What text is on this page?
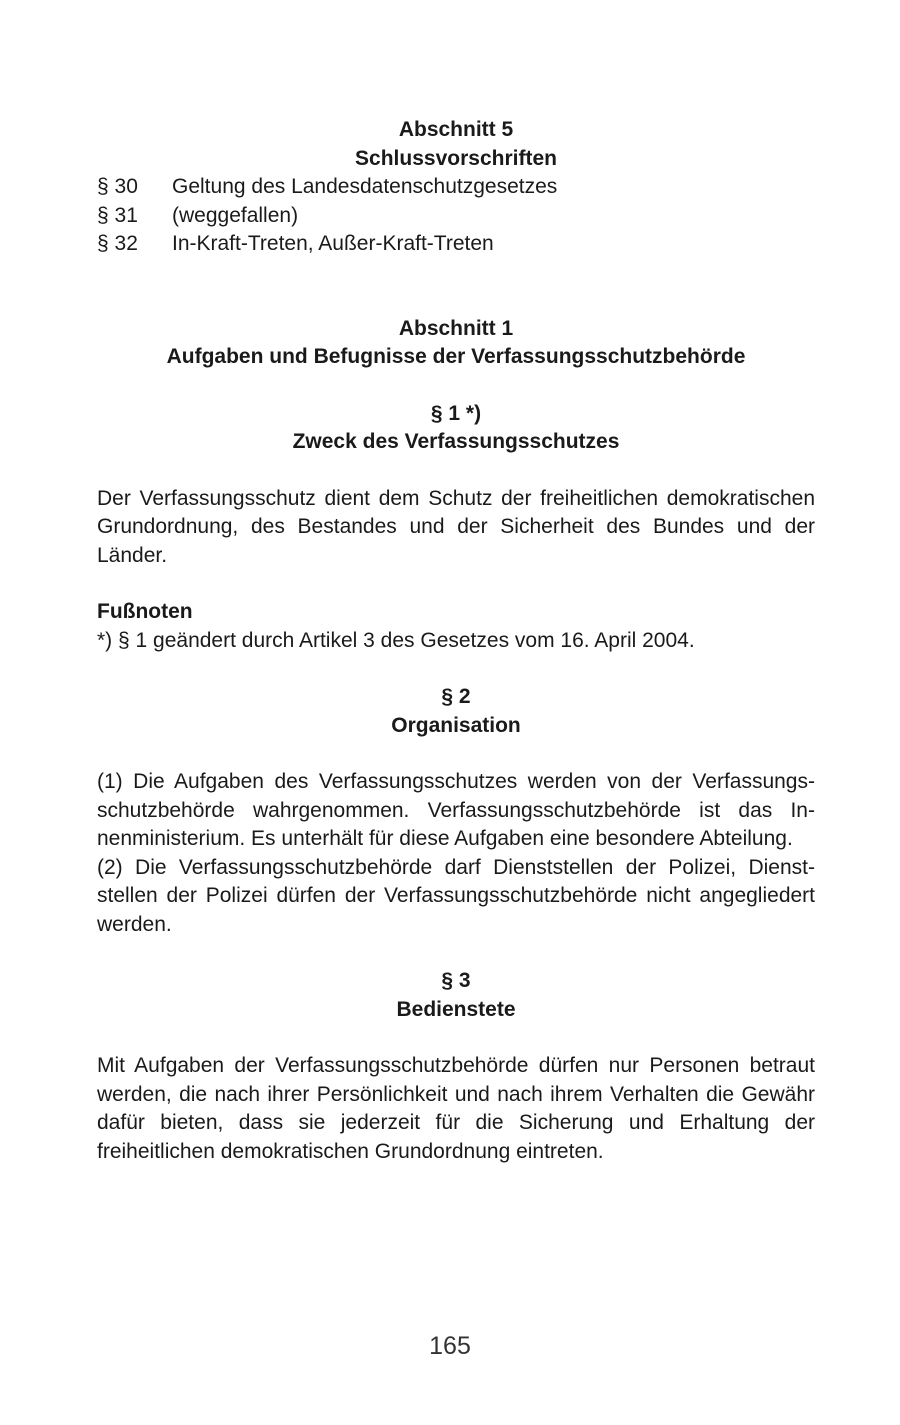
Abschnitt 5
Schlussvorschriften
§ 30	Geltung des Landesdatenschutzgesetzes
§ 31	(weggefallen)
§ 32	In-Kraft-Treten, Außer-Kraft-Treten
Abschnitt 1
Aufgaben und Befugnisse der Verfassungsschutzbehörde
§ 1 *)
Zweck des Verfassungsschutzes
Der Verfassungsschutz dient dem Schutz der freiheitlichen demokratischen Grundordnung, des Bestandes und der Sicherheit des Bundes und der Länder.
Fußnoten
*) § 1 geändert durch Artikel 3 des Gesetzes vom 16. April 2004.
§ 2
Organisation
(1) Die Aufgaben des Verfassungsschutzes werden von der Verfassungsschutzbehörde wahrgenommen. Verfassungsschutzbehörde ist das Innenministerium. Es unterhält für diese Aufgaben eine besondere Abteilung.
(2) Die Verfassungsschutzbehörde darf Dienststellen der Polizei, Dienststellen der Polizei dürfen der Verfassungsschutzbehörde nicht angegliedert werden.
§ 3
Bedienstete
Mit Aufgaben der Verfassungsschutzbehörde dürfen nur Personen betraut werden, die nach ihrer Persönlichkeit und nach ihrem Verhalten die Gewähr dafür bieten, dass sie jederzeit für die Sicherung und Erhaltung der freiheitlichen demokratischen Grundordnung eintreten.
165
